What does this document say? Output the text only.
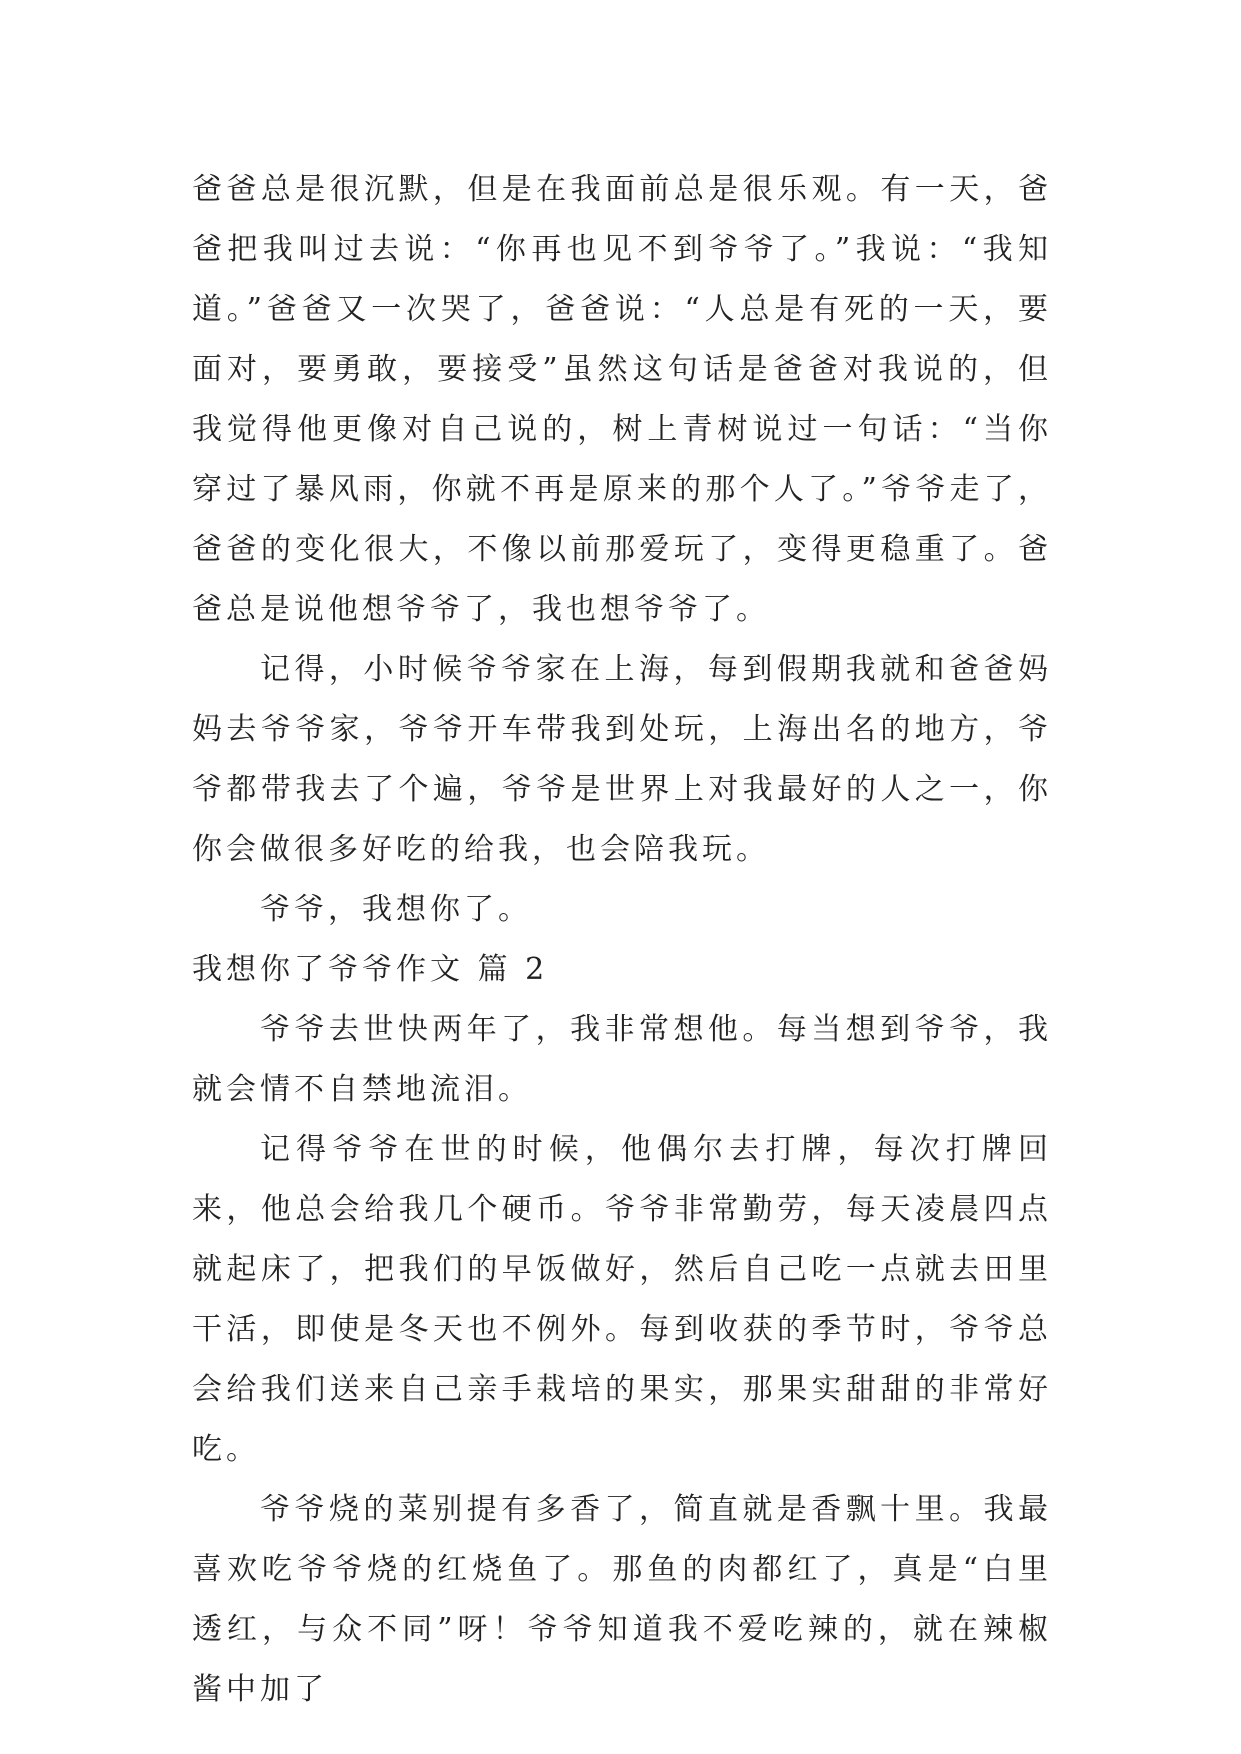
爸爸总是很沉默，但是在我面前总是很乐观。有一天，爸爸把我叫过去说：“你再也见不到爷爷了。”我说：“我知道。”爸爸又一次哭了，爸爸说：“人总是有死的一天，要面对，要勇敢，要接受”虽然这句话是爸爸对我说的，但我觉得他更像对自己说的，树上青树说过一句话：“当你穿过了暴风雨，你就不再是原来的那个人了。”爷爷走了，爸爸的变化很大，不像以前那爱玩了，变得更稳重了。爸爸总是说他想爷爷了，我也想爷爷了。

记得，小时候爷爷家在上海，每到假期我就和爸爸妈妈去爷爷家，爷爷开车带我到处玩，上海出名的地方，爷爷都带我去了个遍，爷爷是世界上对我最好的人之一，你你会做很多好吃的给我，也会陪我玩。

爷爷，我想你了。

我想你了爷爷作文 篇 2

爷爷去世快两年了，我非常想他。每当想到爷爷，我就会情不自禁地流泪。

记得爷爷在世的时候，他偶尔去打牌，每次打牌回来，他总会给我几个硬币。爷爷非常勤劳，每天凌晨四点就起床了，把我们的早饭做好，然后自己吃一点就去田里干活，即使是冬天也不例外。每到收获的季节时，爷爷总会给我们送来自己亲手栽培的果实，那果实甜甜的非常好吃。

爷爷烧的菜别提有多香了，简直就是香飘十里。我最喜欢吃爷爷烧的红烧鱼了。那鱼的肉都红了，真是“白里透红，与众不同”呀！爷爷知道我不爱吃辣的，就在辣椒酱中加了
